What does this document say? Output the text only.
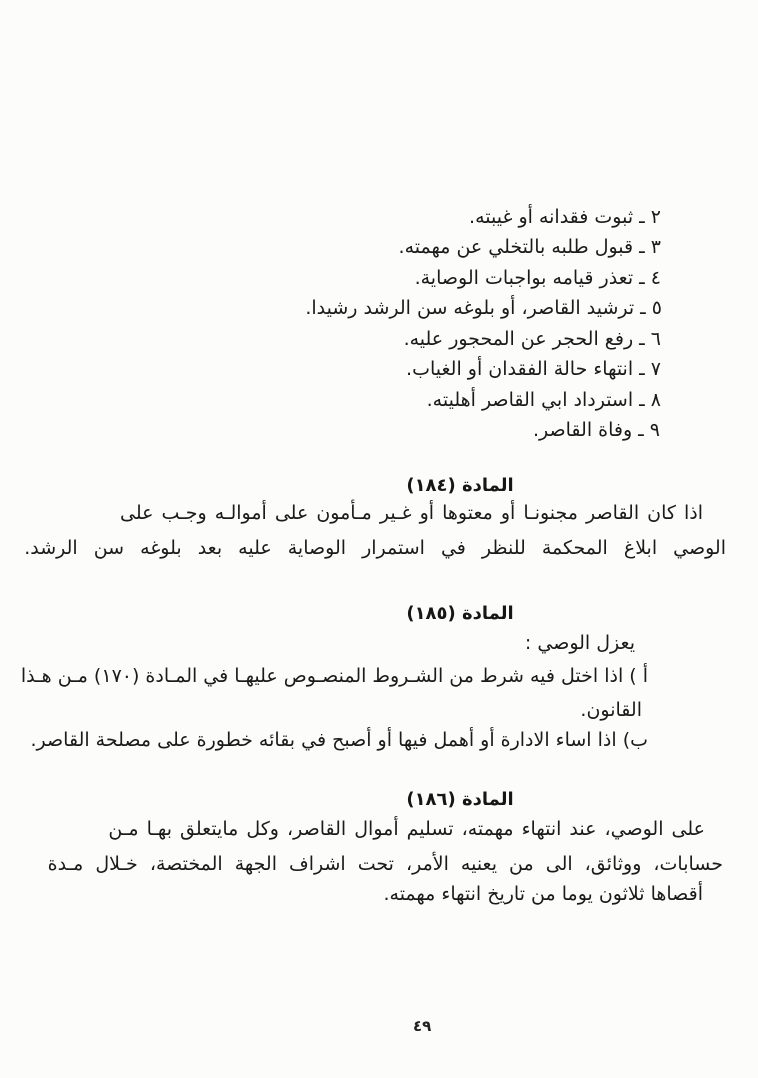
٢ ـ ثبوت فقدانه أو غيبته.
٣ ـ قبول طلبه بالتخلي عن مهمته.
٤ ـ تعذر قيامه بواجبات الوصاية.
٥ ـ ترشيد القاصر، أو بلوغه سن الرشد رشيدا.
٦ ـ رفع الحجر عن المحجور عليه.
٧ ـ انتهاء حالة الفقدان أو الغياب.
٨ ـ استرداد ابي القاصر أهليته.
٩ ـ وفاة القاصر.
المادة (١٨٤)
اذا كان القاصر مجنونـا أو معتوها أو غـير مـأمون على أموالـه وجـب على
الوصي ابلاغ المحكمة للنظر في استمرار الوصاية عليه بعد بلوغه سن الرشد.
المادة (١٨٥)
يعزل الوصي :
أ ) اذا اختل فيه شرط من الشـروط المنصـوص عليهـا في المـادة (١٧٠) مـن هـذا
القانون.
ب) اذا اساء الادارة أو أهمل فيها أو أصبح في بقائه خطورة على مصلحة القاصر.
المادة (١٨٦)
على الوصي، عند انتهاء مهمته، تسليم أموال القاصر، وكل مايتعلق بهـا مـن
حسابات، ووثائق، الى من يعنيه الأمر، تحت اشراف الجهة المختصة، خـلال مـدة
أقصاها ثلاثون يوما من تاريخ انتهاء مهمته.
٤٩
